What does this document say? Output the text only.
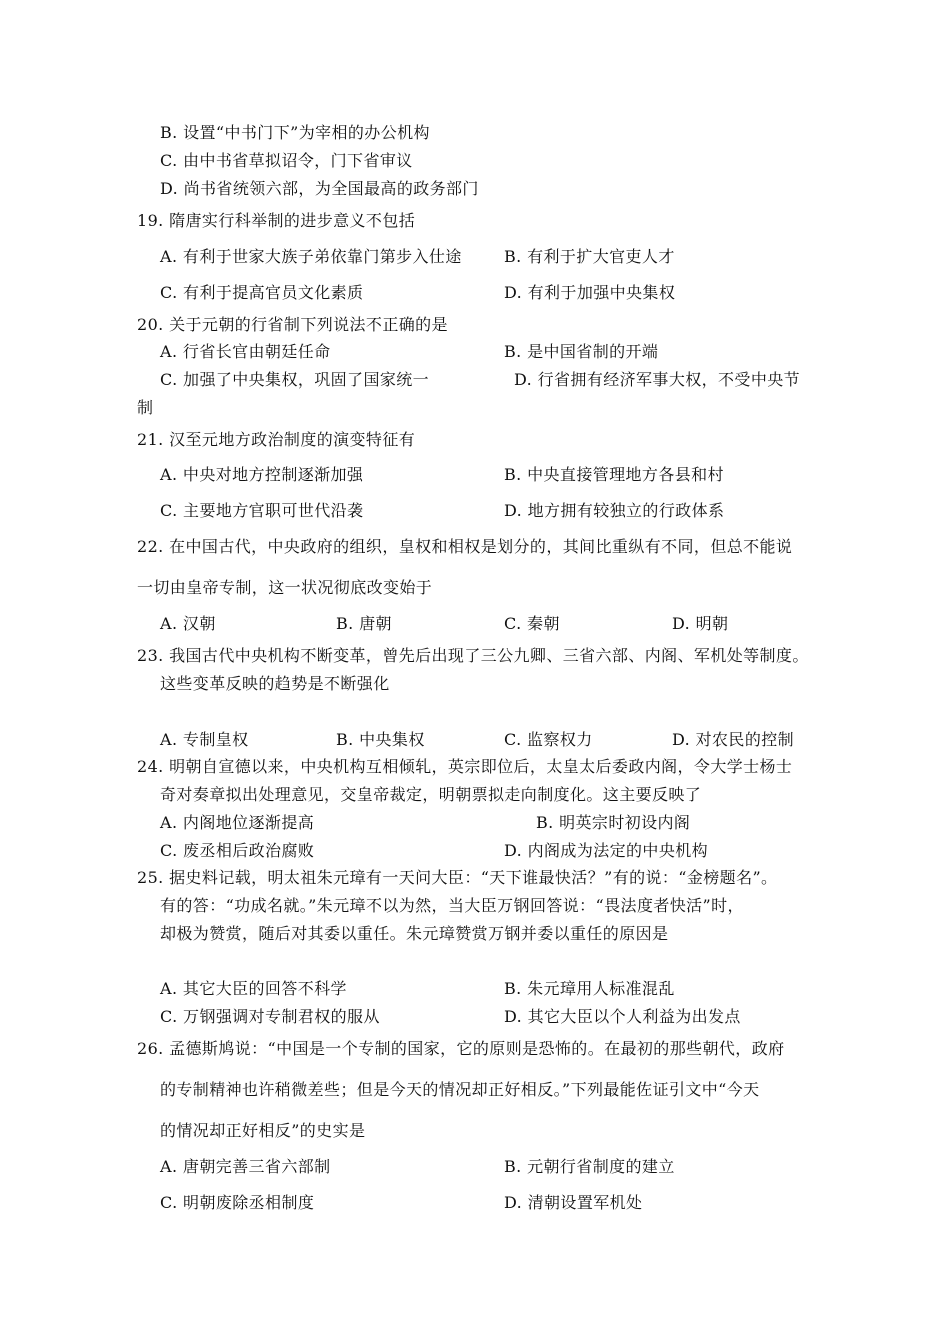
B. 设置“中书门下”为宰相的办公机构
C. 由中书省草拟诏令，门下省审议
D. 尚书省统领六部，为全国最高的政务部门
19. 隋唐实行科举制的进步意义不包括
A. 有利于世家大族子弟依靠门第步入仕途	B. 有利于扩大官吏人才
C. 有利于提高官员文化素质	D. 有利于加强中央集权
20. 关于元朝的行省制下列说法不正确的是
A. 行省长官由朝廷任命	B. 是中国省制的开端
C. 加强了中央集权，巩固了国家统一	D. 行省拥有经济军事大权，不受中央节
制
21. 汉至元地方政治制度的演变特征有
A. 中央对地方控制逐渐加强	B. 中央直接管理地方各县和村
C. 主要地方官职可世代沿袭	D. 地方拥有较独立的行政体系
22. 在中国古代，中央政府的组织，皇权和相权是划分的，其间比重纵有不同，但总不能说
一切由皇帝专制，这一状况彻底改变始于
A. 汉朝	B. 唐朝	C. 秦朝	D. 明朝
23. 我国古代中央机构不断变革，曾先后出现了三公九卿、三省六部、内阁、军机处等制度。
这些变革反映的趋势是不断强化
A. 专制皇权	B. 中央集权	C. 监察权力	D. 对农民的控制
24. 明朝自宣德以来，中央机构互相倾轧，英宗即位后，太皇太后委政内阁，令大学士杨士
奇对奏章拟出处理意见，交皇帝裁定，明朝票拟走向制度化。这主要反映了
A. 内阁地位逐渐提高	B. 明英宗时初设内阁
C. 废丞相后政治腐败	D. 内阁成为法定的中央机构
25. 据史料记载，明太祖朱元璋有一天问大臣：“天下谁最快活？”有的说：“金榜题名”。
有的答：“功成名就。”朱元璋不以为然，当大臣万钢回答说：“畏法度者快活”时，
却极为赞赏，随后对其委以重任。朱元璋赞赏万钢并委以重任的原因是
A. 其它大臣的回答不科学	B. 朱元璋用人标准混乱
C. 万钢强调对专制君权的服从	D. 其它大臣以个人利益为出发点
26. 孟德斯鸠说：“中国是一个专制的国家，它的原则是恐怖的。在最初的那些朝代，政府
的专制精神也许稍微差些；但是今天的情况却正好相反。”下列最能佐证引文中“今天
的情况却正好相反”的史实是
A. 唐朝完善三省六部制	B. 元朝行省制度的建立
C. 明朝废除丞相制度	D. 清朝设置军机处
